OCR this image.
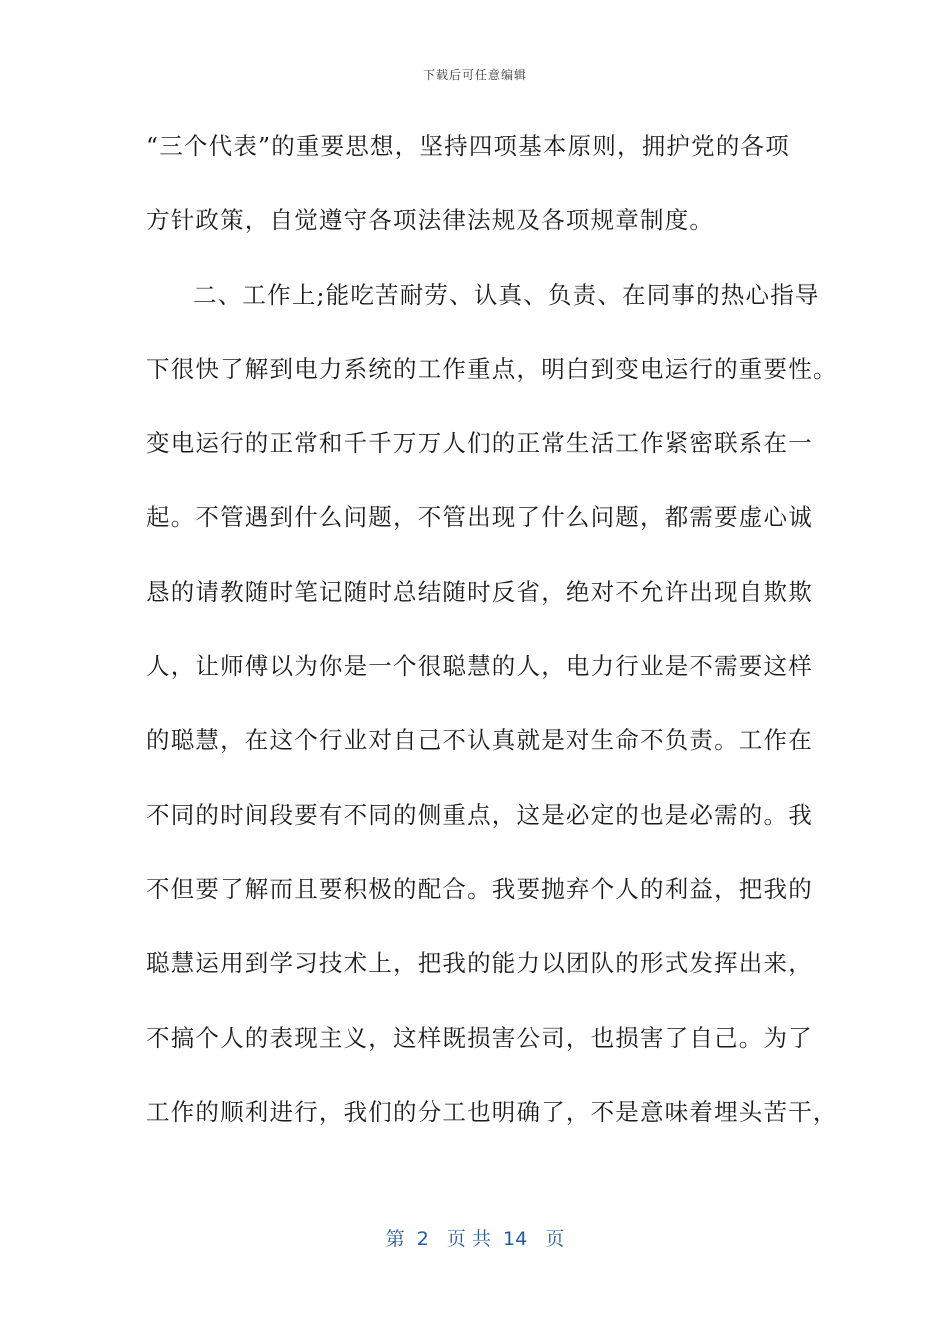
下载后可任意编辑
“三个代表”的重要思想，坚持四项基本原则，拥护党的各项
方针政策，自觉遵守各项法律法规及各项规章制度。
二、工作上;能吃苦耐劳、认真、负责、在同事的热心指导
下很快了解到电力系统的工作重点，明白到变电运行的重要性。
变电运行的正常和千千万万人们的正常生活工作紧密联系在一
起。不管遇到什么问题，不管出现了什么问题，都需要虚心诚
恳的请教随时笔记随时总结随时反省，绝对不允许出现自欺欺
人，让师傅以为你是一个很聪慧的人，电力行业是不需要这样
的聪慧，在这个行业对自己不认真就是对生命不负责。工作在
不同的时间段要有不同的侧重点，这是必定的也是必需的。我
不但要了解而且要积极的配合。我要抛弃个人的利益，把我的
聪慧运用到学习技术上，把我的能力以团队的形式发挥出来，
不搞个人的表现主义，这样既损害公司，也损害了自己。为了
工作的顺利进行，我们的分工也明确了，不是意味着埋头苦干，
第  2   页 共  14   页
